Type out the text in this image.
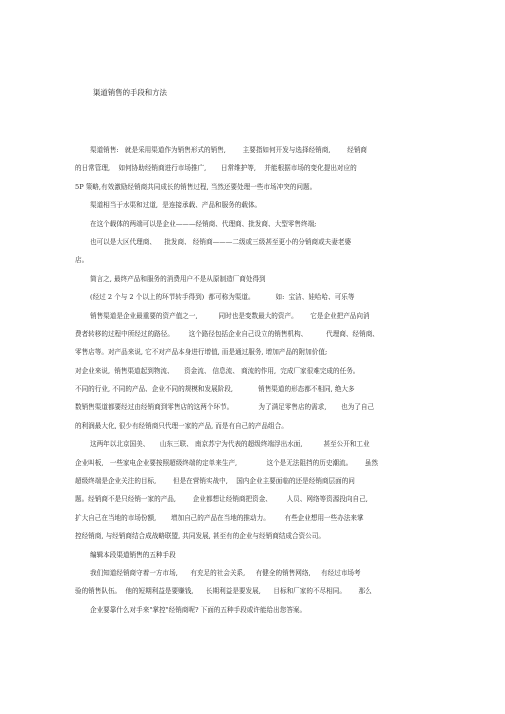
渠道销售的手段和方法
渠道销售:   就是采用渠道作为销售形式的销售,        主要指如何开发与选择经销商,        经销商
的日常管理,    如何协助经销商进行市场推广,       日常维护等,    并能根据市场的变化提出对应的
5P 策略,有效激励经销商共同成长的销售过程, 当然还要处理一些市场冲突的问题。
渠道相当于水渠和过道,  是连接承载、产品和服务的载体。
在这个载体的两端可以是企业———经销商、代理商、批发商、大型零售终端;
也可以是大区代理商、    批发商、 经销商———二级或三级甚至更小的分销商或夫妻老婆
店。
简言之, 最终产品和服务的消费用户不是从原制造厂商处得到
(经过 2 个与 2 个以上的环节转手得到)  都可称为渠道。          如:  宝洁、娃哈哈、可乐等
销售渠道是企业最重要的资产值之一,          同时也是变数最大的资产。      它是企业把产品向消
费者转移的过程中所经过的路径。       这个路径包括企业自己设立的销售机构、         代理商、经销商、
零售店等。对产品来说, 它不对产品本身进行增值, 而是通过服务, 增加产品的附加价值;
对企业来说,  销售渠道起到物流、     资金流、 信息流、 商流的作用,  完成厂家很难完成的任务。
不同的行业, 不同的产品、企业不同的规模和发展阶段,            销售渠道的形态都不相同, 绝大多
数销售渠道都要经过由经销商到零售店的这两个环节。            为了满足零售店的需求,       也为了自己
的利润最大化, 很少有经销商只代理一家的产品, 而是有自己的产品组合。
这两年以北京国美、     山东三联、 南京苏宁为代表的超级终端浮出水面,          甚至公开和工业
企业叫板,   一些家电企业要按照超级终端的定单来生产,              这个是无法阻挡的历史潮流。      虽然
超级终端是企业关注的目标,        但是在营销实战中,    国内企业主要面临的还是经销商层面的问
题。经销商不是只经销一家的产品,        企业都想让经销商把资金、       人员、网络等资源投向自己,
扩大自己在当地的市场份额,       增加自己的产品在当地的推动力。       有些企业想用一些办法来掌
控经销商, 与经销商结合成战略联盟, 共同发展, 甚至有的企业与经销商结成合资公司。
编辑本段渠道销售的五种手段
我们知道经销商守着一方市场,      有充足的社会关系,     有健全的销售网络,     有经过市场考
验的销售队伍。  他的短期利益是要赚钱,      长期利益是要发展,      目标和厂家的不尽相同。      那么
企业要靠什么对手来"掌控"经销商呢? 下面的五种手段或许能给出您答案。
